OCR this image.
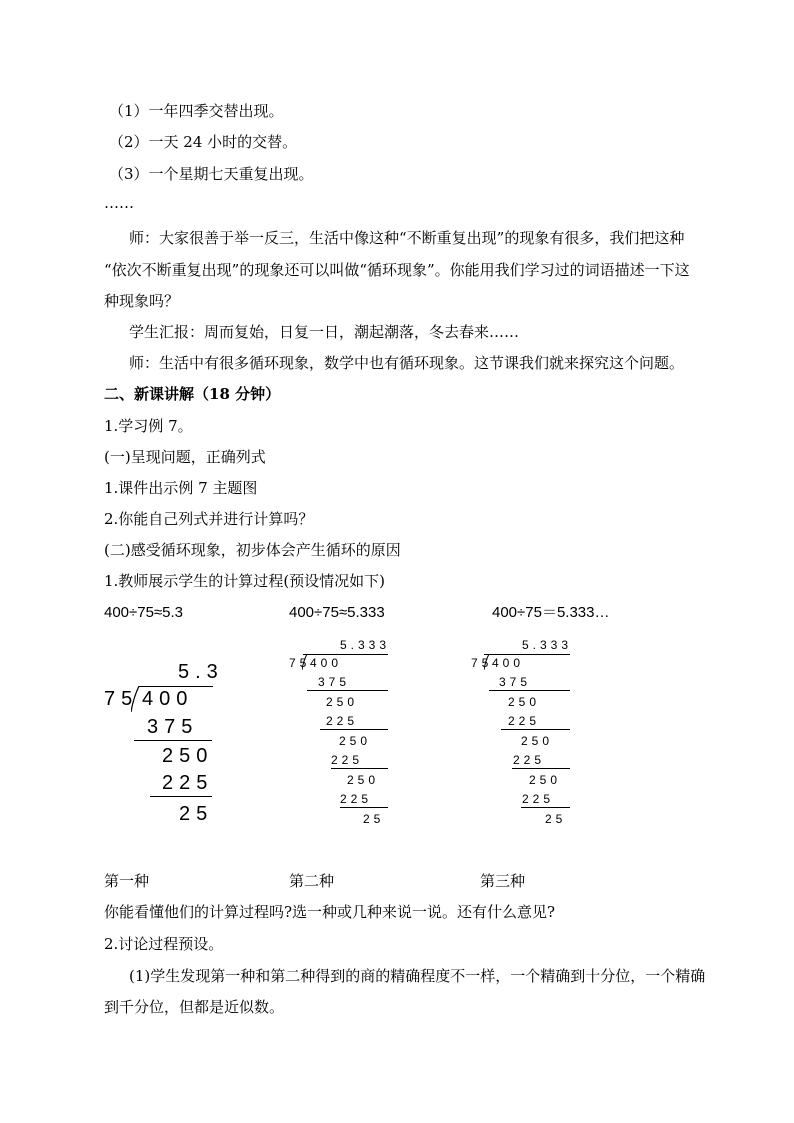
（1）一年四季交替出现。
（2）一天 24 小时的交替。
（3）一个星期七天重复出现。
……
师：大家很善于举一反三，生活中像这种“不断重复出现”的现象有很多，我们把这种
“依次不断重复出现”的现象还可以叫做“循环现象”。你能用我们学习过的词语描述一下这
种现象吗？
学生汇报：周而复始，日复一日，潮起潮落，冬去春来……
师：生活中有很多循环现象，数学中也有循环现象。这节课我们就来探究这个问题。
二、新课讲解（18 分钟）
1.学习例 7。
(一)呈现问题，正确列式
1.课件出示例 7 主题图
2.你能自己列式并进行计算吗？
(二)感受循环现象，初步体会产生循环的原因
1.教师展示学生的计算过程(预设情况如下)
400÷75≈5.3	400÷75≈5.333	400÷75＝5.333…
5.3
75 400
375
250
225
25
5.333
75 400
375
250
225
250
225
250
225
25
5.333
75 400
375
250
225
250
225
250
225
25
第一种	第二种	第三种
你能看懂他们的计算过程吗?选一种或几种来说一说。还有什么意见?
2.讨论过程预设。
(1)学生发现第一种和第二种得到的商的精确程度不一样，一个精确到十分位，一个精确
到千分位，但都是近似数。
